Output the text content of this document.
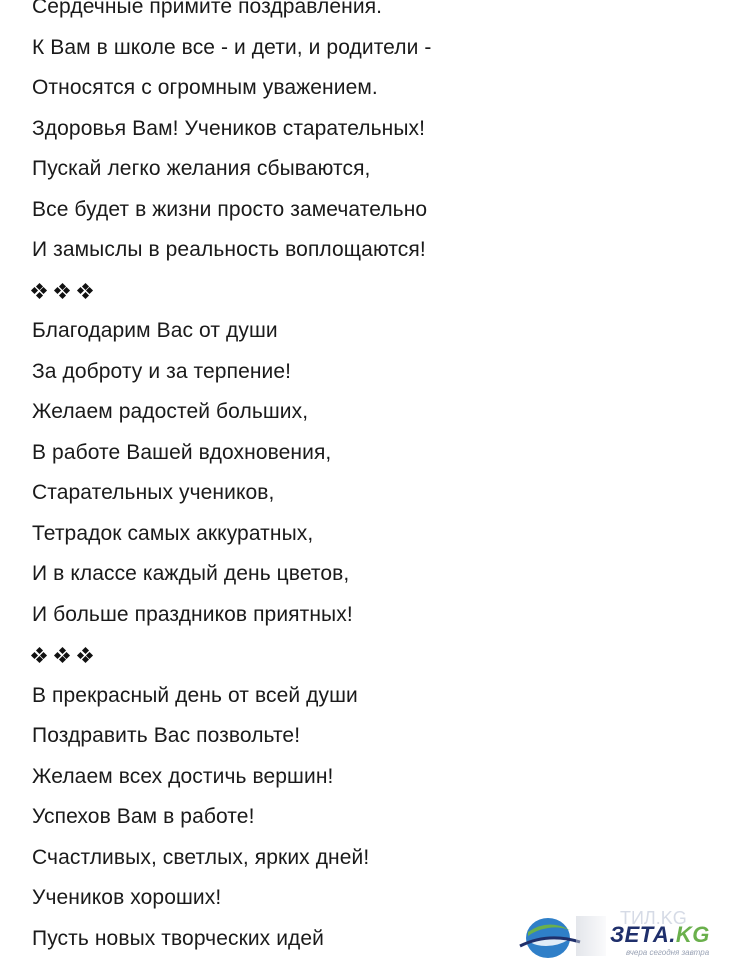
Сердечные примите поздравления.
К Вам в школе все - и дети, и родители -
Относятся с огромным уважением.
Здоровья Вам! Учеников старательных!
Пускай легко желания сбываются,
Все будет в жизни просто замечательно
И замыслы в реальность воплощаются!
Благодарим Вас от души
За доброту и за терпение!
Желаем радостей больших,
В работе Вашей вдохновения,
Старательных учеников,
Тетрадок самых аккуратных,
И в классе каждый день цветов,
И больше праздников приятных!
В прекрасный день от всей души
Поздравить Вас позвольте!
Желаем всех достичь вершин!
Успехов Вам в работе!
Счастливых, светлых, ярких дней!
Учеников хороших!
Пусть новых творческих идей
ТИЛ.KG
ЗЕТА.KG
вчера сегодня завтра
